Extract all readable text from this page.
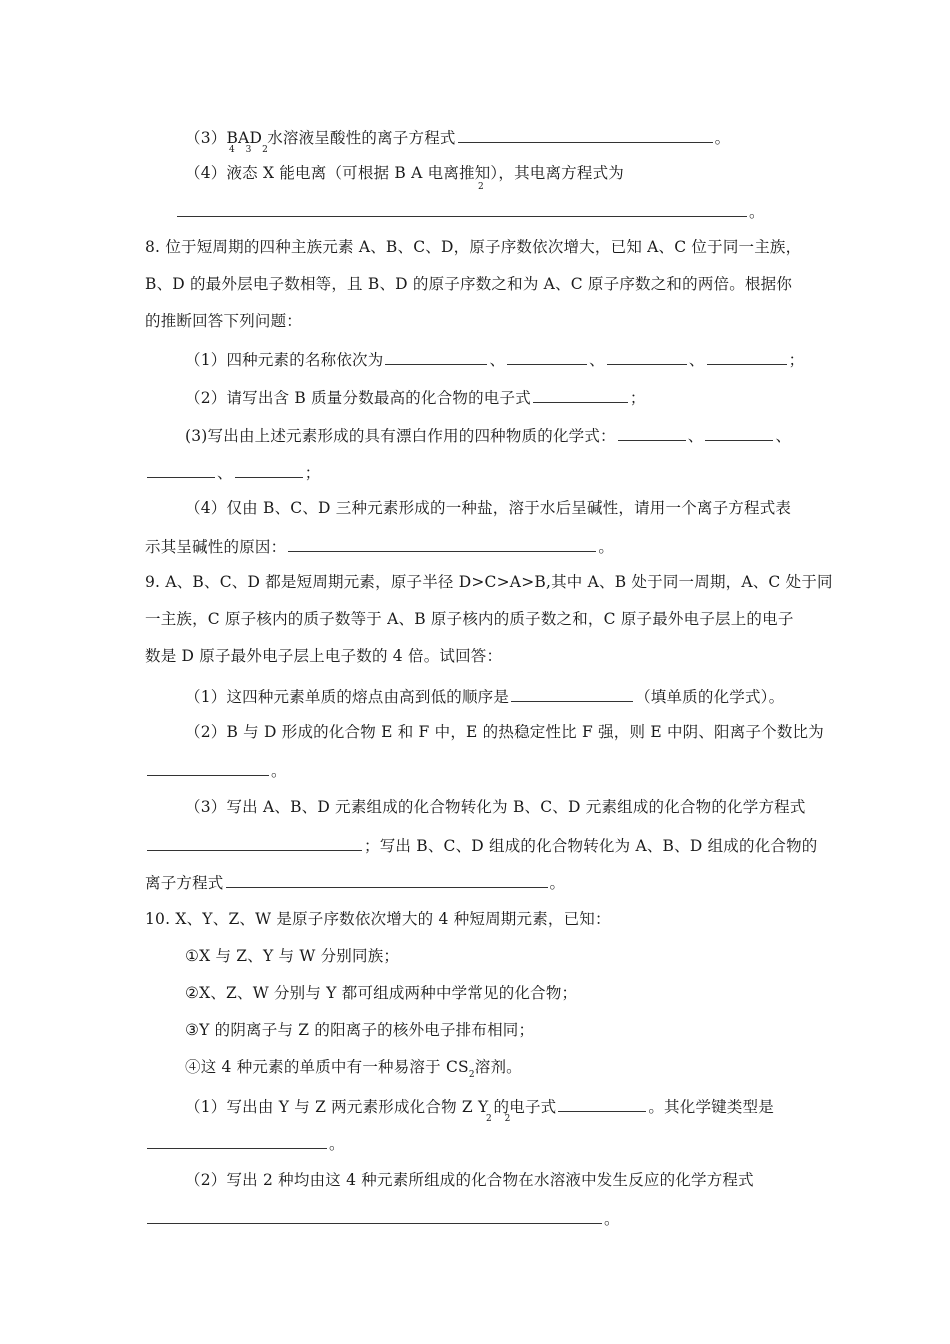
（3）BAD 水溶液呈酸性的离子方程式	。
4 3 2
（4）液态 X 能电离（可根据 B A 电离推知），其电离方程式为
2
。
8. 位于短周期的四种主族元素 A、B、C、D，原子序数依次增大，已知 A、C 位于同一主族，
B、D 的最外层电子数相等，且 B、D 的原子序数之和为 A、C 原子序数之和的两倍。根据你
的推断回答下列问题：
（1）四种元素的名称依次为	、	、	、	；
（2）请写出含 B 质量分数最高的化合物的电子式	；
(3)写出由上述元素形成的具有漂白作用的四种物质的化学式：	、	、
、	；
（4）仅由 B、C、D 三种元素形成的一种盐，溶于水后呈碱性，请用一个离子方程式表
示其呈碱性的原因：	。
9. A、B、C、D 都是短周期元素，原子半径 D>C>A>B,其中 A、B 处于同一周期，A、C 处于同
一主族，C 原子核内的质子数等于 A、B 原子核内的质子数之和，C 原子最外电子层上的电子
数是 D 原子最外电子层上电子数的 4 倍。试回答：
（1）这四种元素单质的熔点由高到低的顺序是	（填单质的化学式）。
（2）B 与 D 形成的化合物 E 和 F 中，E 的热稳定性比 F 强，则 E 中阴、阳离子个数比为
。
（3）写出 A、B、D 元素组成的化合物转化为 B、C、D 元素组成的化合物的化学方程式
；写出 B、C、D 组成的化合物转化为 A、B、D 组成的化合物的
离子方程式	。
10. X、Y、Z、W 是原子序数依次增大的 4 种短周期元素，已知：
①X 与 Z、Y 与 W 分别同族；
②X、Z、W 分别与 Y 都可组成两种中学常见的化合物；
③Y 的阴离子与 Z 的阳离子的核外电子排布相同；
④这 4 种元素的单质中有一种易溶于 $CS_2$溶剂。
（1）写出由 Y 与 Z 两元素形成化合物 Z Y 的电子式	。其化学键类型是
2 2
。
（2）写出 2 种均由这 4 种元素所组成的化合物在水溶液中发生反应的化学方程式
。
